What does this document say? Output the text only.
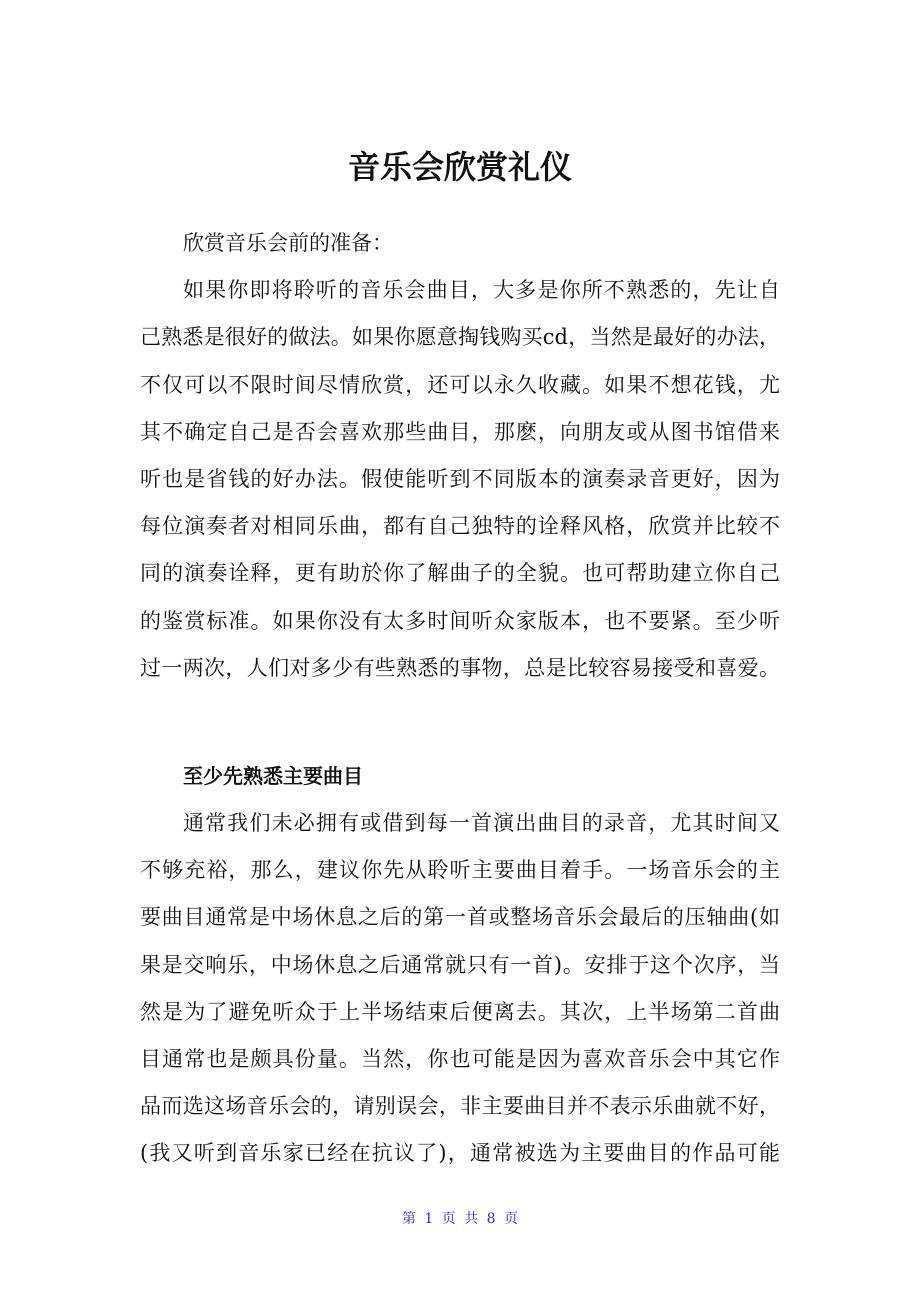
音乐会欣赏礼仪
欣赏音乐会前的准备：
如果你即将聆听的音乐会曲目，大多是你所不熟悉的，先让自
己熟悉是很好的做法。如果你愿意掏钱购买cd，当然是最好的办法，
不仅可以不限时间尽情欣赏，还可以永久收藏。如果不想花钱，尤
其不确定自己是否会喜欢那些曲目，那麽，向朋友或从图书馆借来
听也是省钱的好办法。假使能听到不同版本的演奏录音更好，因为
每位演奏者对相同乐曲，都有自己独特的诠释风格，欣赏并比较不
同的演奏诠释，更有助於你了解曲子的全貌。也可帮助建立你自己
的鉴赏标准。如果你没有太多时间听众家版本，也不要紧。至少听
过一两次，人们对多少有些熟悉的事物，总是比较容易接受和喜爱。
至少先熟悉主要曲目
通常我们未必拥有或借到每一首演出曲目的录音，尤其时间又
不够充裕，那么，建议你先从聆听主要曲目着手。一场音乐会的主
要曲目通常是中场休息之后的第一首或整场音乐会最后的压轴曲(如
果是交响乐，中场休息之后通常就只有一首)。安排于这个次序，当
然是为了避免听众于上半场结束后便离去。其次，上半场第二首曲
目通常也是颇具份量。当然，你也可能是因为喜欢音乐会中其它作
品而选这场音乐会的，请别误会，非主要曲目并不表示乐曲就不好，
(我又听到音乐家已经在抗议了)，通常被选为主要曲目的作品可能
第 1 页 共 8 页
